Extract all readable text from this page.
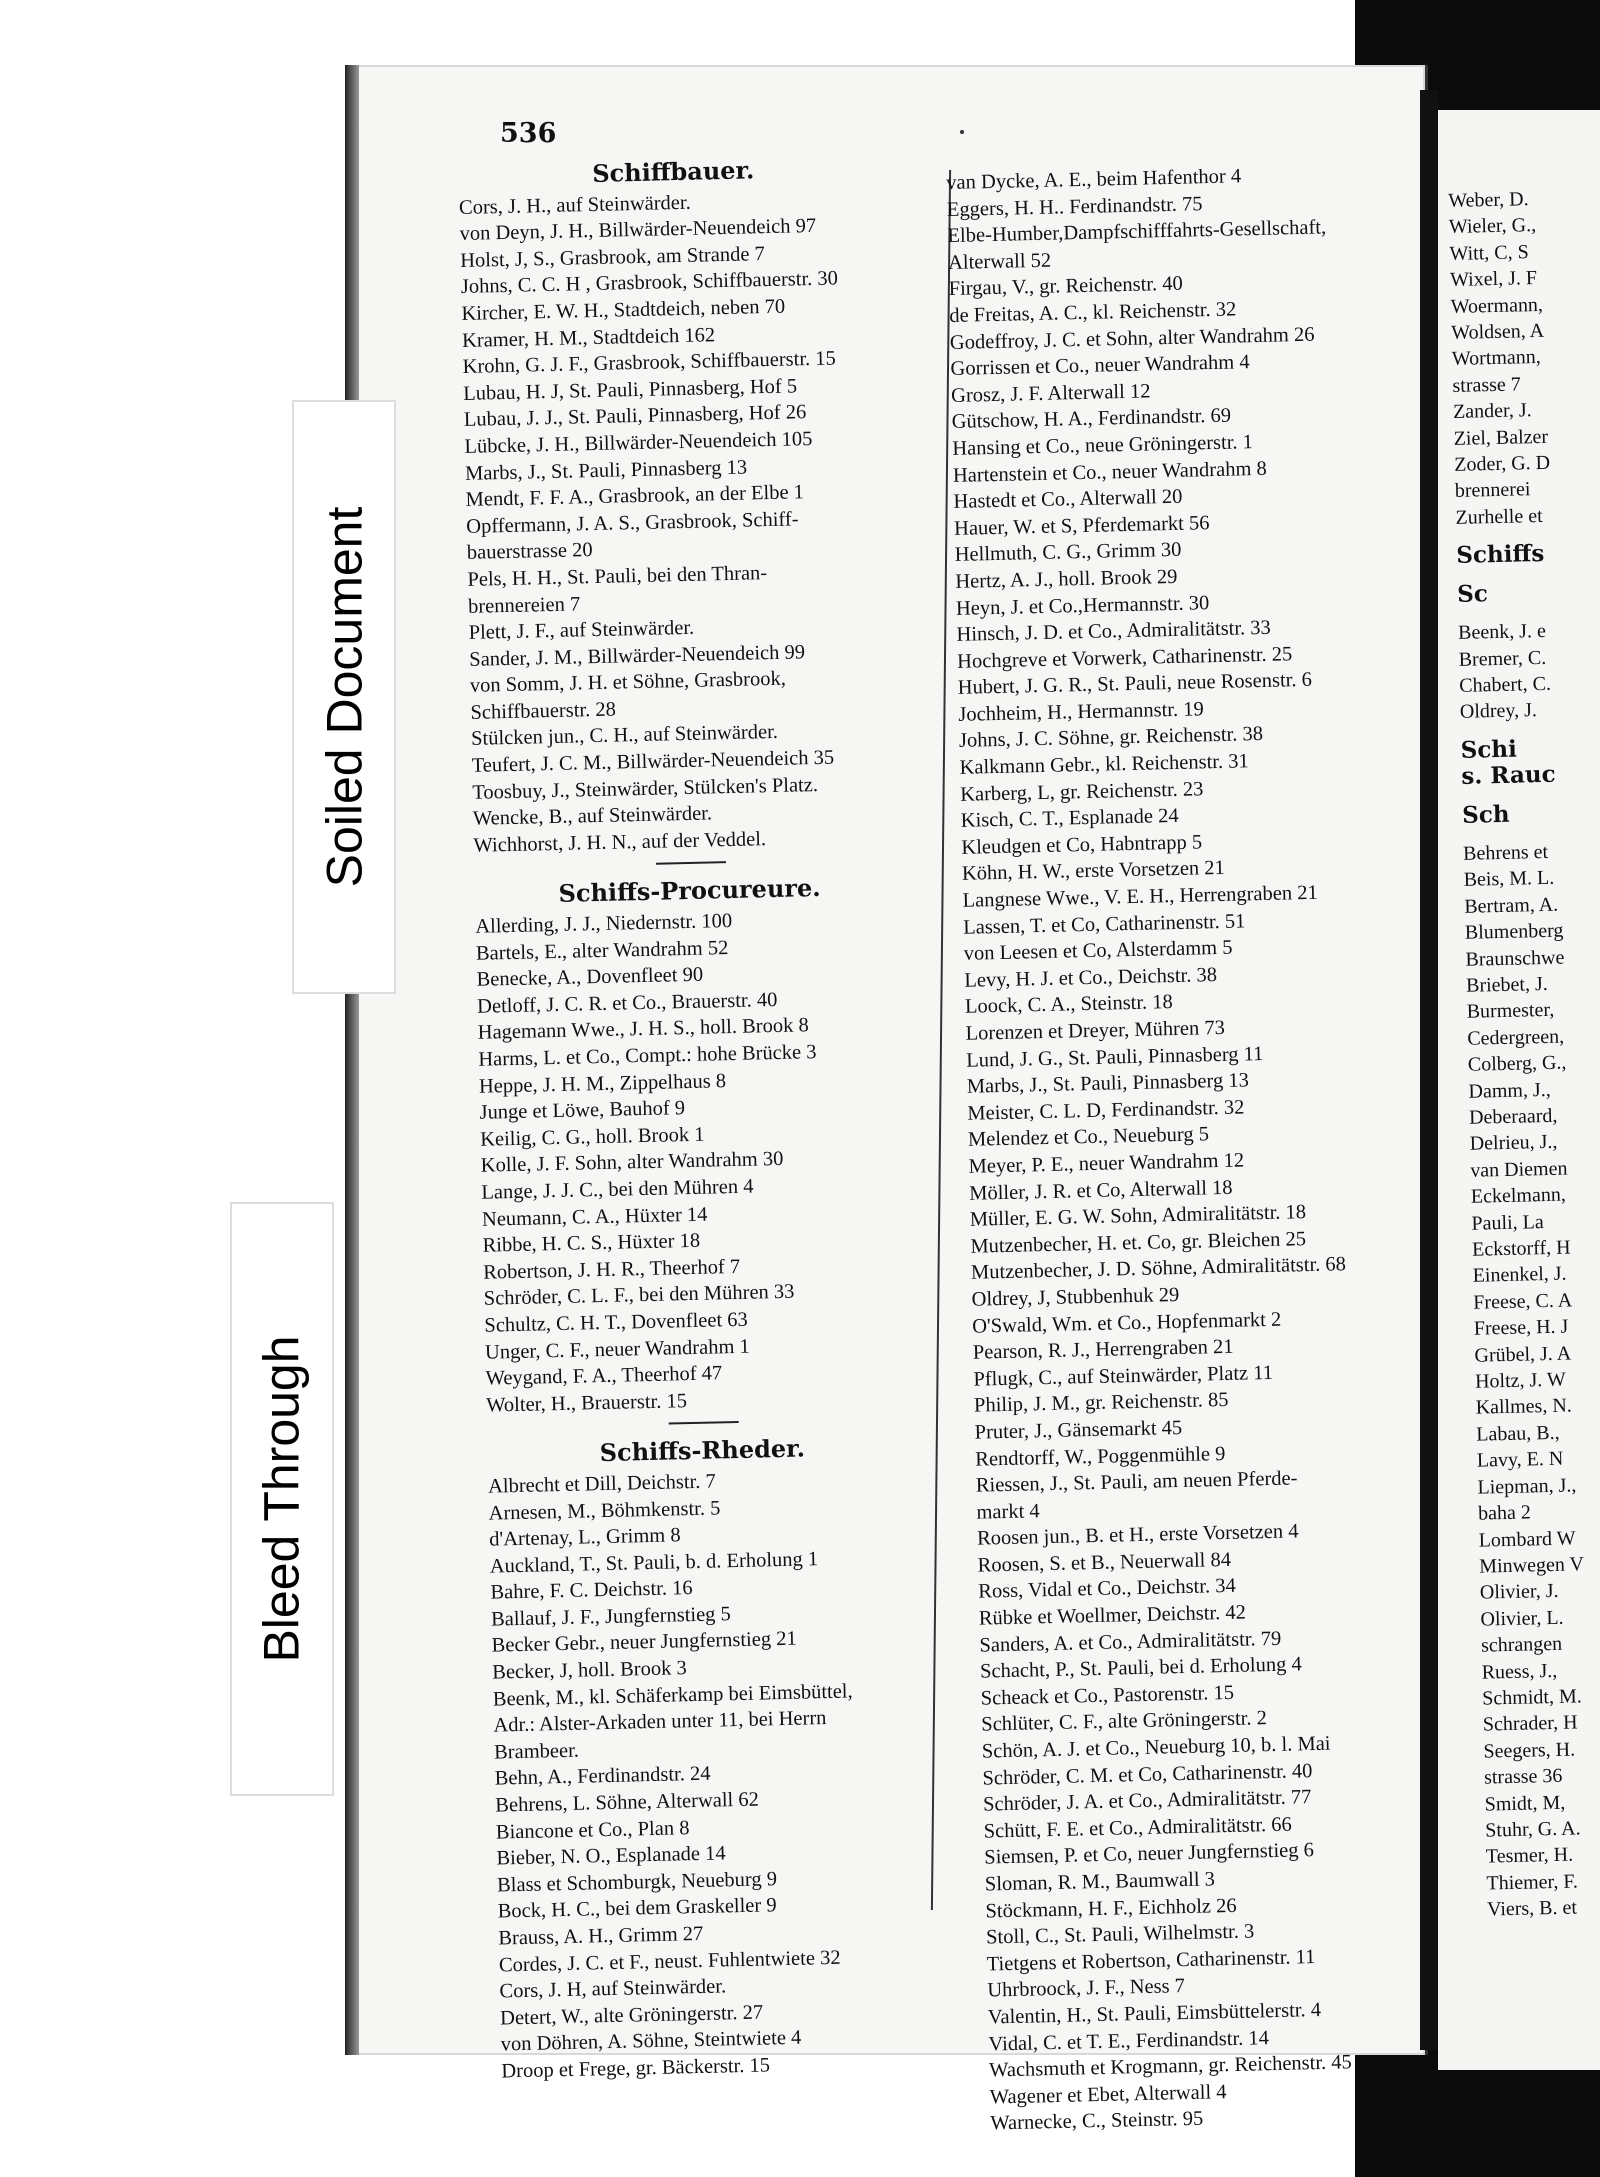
536
Schiffbauer.
Cors, J. H., auf Steinwärder.
von Deyn, J. H., Billwärder-Neuendeich 97
Holst, J, S., Grasbrook, am Strande 7
Johns, C. C. H , Grasbrook, Schiffbauerstr. 30
Kircher, E. W. H., Stadtdeich, neben 70
Kramer, H. M., Stadtdeich 162
Krohn, G. J. F., Grasbrook, Schiffbauerstr. 15
Lubau, H. J, St. Pauli, Pinnasberg, Hof 5
Lubau, J. J., St. Pauli, Pinnasberg, Hof 26
Lübcke, J. H., Billwärder-Neuendeich 105
Marbs, J., St. Pauli, Pinnasberg 13
Mendt, F. F. A., Grasbrook, an der Elbe 1
Opffermann, J. A. S., Grasbrook, Schiff-
bauerstrasse 20
Pels, H. H., St. Pauli, bei den Thran-
brennereien 7
Plett, J. F., auf Steinwärder.
Sander, J. M., Billwärder-Neuendeich 99
von Somm, J. H. et Söhne, Grasbrook,
Schiffbauerstr. 28
Stülcken jun., C. H., auf Steinwärder.
Teufert, J. C. M., Billwärder-Neuendeich 35
Toosbuy, J., Steinwärder, Stülcken's Platz.
Wencke, B., auf Steinwärder.
Wichhorst, J. H. N., auf der Veddel.
Schiffs-Procureure.
Allerding, J. J., Niedernstr. 100
Bartels, E., alter Wandrahm 52
Benecke, A., Dovenfleet 90
Detloff, J. C. R. et Co., Brauerstr. 40
Hagemann Wwe., J. H. S., holl. Brook 8
Harms, L. et Co., Compt.: hohe Brücke 3
Heppe, J. H. M., Zippelhaus 8
Junge et Löwe, Bauhof 9
Keilig, C. G., holl. Brook 1
Kolle, J. F. Sohn, alter Wandrahm 30
Lange, J. J. C., bei den Mühren 4
Neumann, C. A., Hüxter 14
Ribbe, H. C. S., Hüxter 18
Robertson, J. H. R., Theerhof 7
Schröder, C. L. F., bei den Mühren 33
Schultz, C. H. T., Dovenfleet 63
Unger, C. F., neuer Wandrahm 1
Weygand, F. A., Theerhof 47
Wolter, H., Brauerstr. 15
Schiffs-Rheder.
Albrecht et Dill, Deichstr. 7
Arnesen, M., Böhmkenstr. 5
d'Artenay, L., Grimm 8
Auckland, T., St. Pauli, b. d. Erholung 1
Bahre, F. C. Deichstr. 16
Ballauf, J. F., Jungfernstieg 5
Becker Gebr., neuer Jungfernstieg 21
Becker, J, holl. Brook 3
Beenk, M., kl. Schäferkamp bei Eimsbüttel,
Adr.: Alster-Arkaden unter 11, bei Herrn
Brambeer.
Behn, A., Ferdinandstr. 24
Behrens, L. Söhne, Alterwall 62
Biancone et Co., Plan 8
Bieber, N. O., Esplanade 14
Blass et Schomburgk, Neueburg 9
Bock, H. C., bei dem Graskeller 9
Brauss, A. H., Grimm 27
Cordes, J. C. et F., neust. Fuhlentwiete 32
Cors, J. H, auf Steinwärder.
Detert, W., alte Gröningerstr. 27
von Döhren, A. Söhne, Steintwiete 4
Droop et Frege, gr. Bäckerstr. 15
van Dycke, A. E., beim Hafenthor 4
Eggers, H. H.. Ferdinandstr. 75
Elbe-Humber,Dampfschifffahrts-Gesellschaft,
Alterwall 52
Firgau, V., gr. Reichenstr. 40
de Freitas, A. C., kl. Reichenstr. 32
Godeffroy, J. C. et Sohn, alter Wandrahm 26
Gorrissen et Co., neuer Wandrahm 4
Grosz, J. F. Alterwall 12
Gütschow, H. A., Ferdinandstr. 69
Hansing et Co., neue Gröningerstr. 1
Hartenstein et Co., neuer Wandrahm 8
Hastedt et Co., Alterwall 20
Hauer, W. et S, Pferdemarkt 56
Hellmuth, C. G., Grimm 30
Hertz, A. J., holl. Brook 29
Heyn, J. et Co.,Hermannstr. 30
Hinsch, J. D. et Co., Admiralitätstr. 33
Hochgreve et Vorwerk, Catharinenstr. 25
Hubert, J. G. R., St. Pauli, neue Rosenstr. 6
Jochheim, H., Hermannstr. 19
Johns, J. C. Söhne, gr. Reichenstr. 38
Kalkmann Gebr., kl. Reichenstr. 31
Karberg, L, gr. Reichenstr. 23
Kisch, C. T., Esplanade 24
Kleudgen et Co, Habntrapp 5
Köhn, H. W., erste Vorsetzen 21
Langnese Wwe., V. E. H., Herrengraben 21
Lassen, T. et Co, Catharinenstr. 51
von Leesen et Co, Alsterdamm 5
Levy, H. J. et Co., Deichstr. 38
Loock, C. A., Steinstr. 18
Lorenzen et Dreyer, Mühren 73
Lund, J. G., St. Pauli, Pinnasberg 11
Marbs, J., St. Pauli, Pinnasberg 13
Meister, C. L. D, Ferdinandstr. 32
Melendez et Co., Neueburg 5
Meyer, P. E., neuer Wandrahm 12
Möller, J. R. et Co, Alterwall 18
Müller, E. G. W. Sohn, Admiralitätstr. 18
Mutzenbecher, H. et. Co, gr. Bleichen 25
Mutzenbecher, J. D. Söhne, Admiralitätstr. 68
Oldrey, J, Stubbenhuk 29
O'Swald, Wm. et Co., Hopfenmarkt 2
Pearson, R. J., Herrengraben 21
Pflugk, C., auf Steinwärder, Platz 11
Philip, J. M., gr. Reichenstr. 85
Pruter, J., Gänsemarkt 45
Rendtorff, W., Poggenmühle 9
Riessen, J., St. Pauli, am neuen Pferde-
markt 4
Roosen jun., B. et H., erste Vorsetzen 4
Roosen, S. et B., Neuerwall 84
Ross, Vidal et Co., Deichstr. 34
Rübke et Woellmer, Deichstr. 42
Sanders, A. et Co., Admiralitätstr. 79
Schacht, P., St. Pauli, bei d. Erholung 4
Scheack et Co., Pastorenstr. 15
Schlüter, C. F., alte Gröningerstr. 2
Schön, A. J. et Co., Neueburg 10, b. l. Mai
Schröder, C. M. et Co, Catharinenstr. 40
Schröder, J. A. et Co., Admiralitätstr. 77
Schütt, F. E. et Co., Admiralitätstr. 66
Siemsen, P. et Co, neuer Jungfernstieg 6
Sloman, R. M., Baumwall 3
Stöckmann, H. F., Eichholz 26
Stoll, C., St. Pauli, Wilhelmstr. 3
Tietgens et Robertson, Catharinenstr. 11
Uhrbroock, J. F., Ness 7
Valentin, H., St. Pauli, Eimsbüttelerstr. 4
Vidal, C. et T. E., Ferdinandstr. 14
Wachsmuth et Krogmann, gr. Reichenstr. 45
Wagener et Ebet, Alterwall 4
Warnecke, C., Steinstr. 95
Weber, D.
Wieler, G.,
Witt, C, S
Wixel, J. F
Woermann,
Woldsen, A
Wortmann,
strasse 7
Zander, J.
Ziel, Balzer
Zoder, G. D
brennerei
Zurhelle et
Schiffs
Sc
Beenk, J. e
Bremer, C.
Chabert, C.
Oldrey, J.
Schi
s. Rauc
Sch
Behrens et
Beis, M. L.
Bertram, A.
Blumenberg
Braunschwe
Briebet, J.
Burmester,
Cedergreen,
Colberg, G.,
Damm, J.,
Deberaard,
Delrieu, J.,
van Diemen
Eckelmann,
Pauli, La
Eckstorff, H
Einenkel, J.
Freese, C. A
Freese, H. J
Grübel, J. A
Holtz, J. W
Kallmes, N.
Labau, B.,
Lavy, E. N
Liepman, J.,
baha 2
Lombard W
Minwegen V
Olivier, J.
Olivier, L.
schrangen
Ruess, J.,
Schmidt, M.
Schrader, H
Seegers, H.
strasse 36
Smidt, M,
Stuhr, G. A.
Tesmer, H.
Thiemer, F.
Viers, B. et
Soiled Document
Bleed Through
